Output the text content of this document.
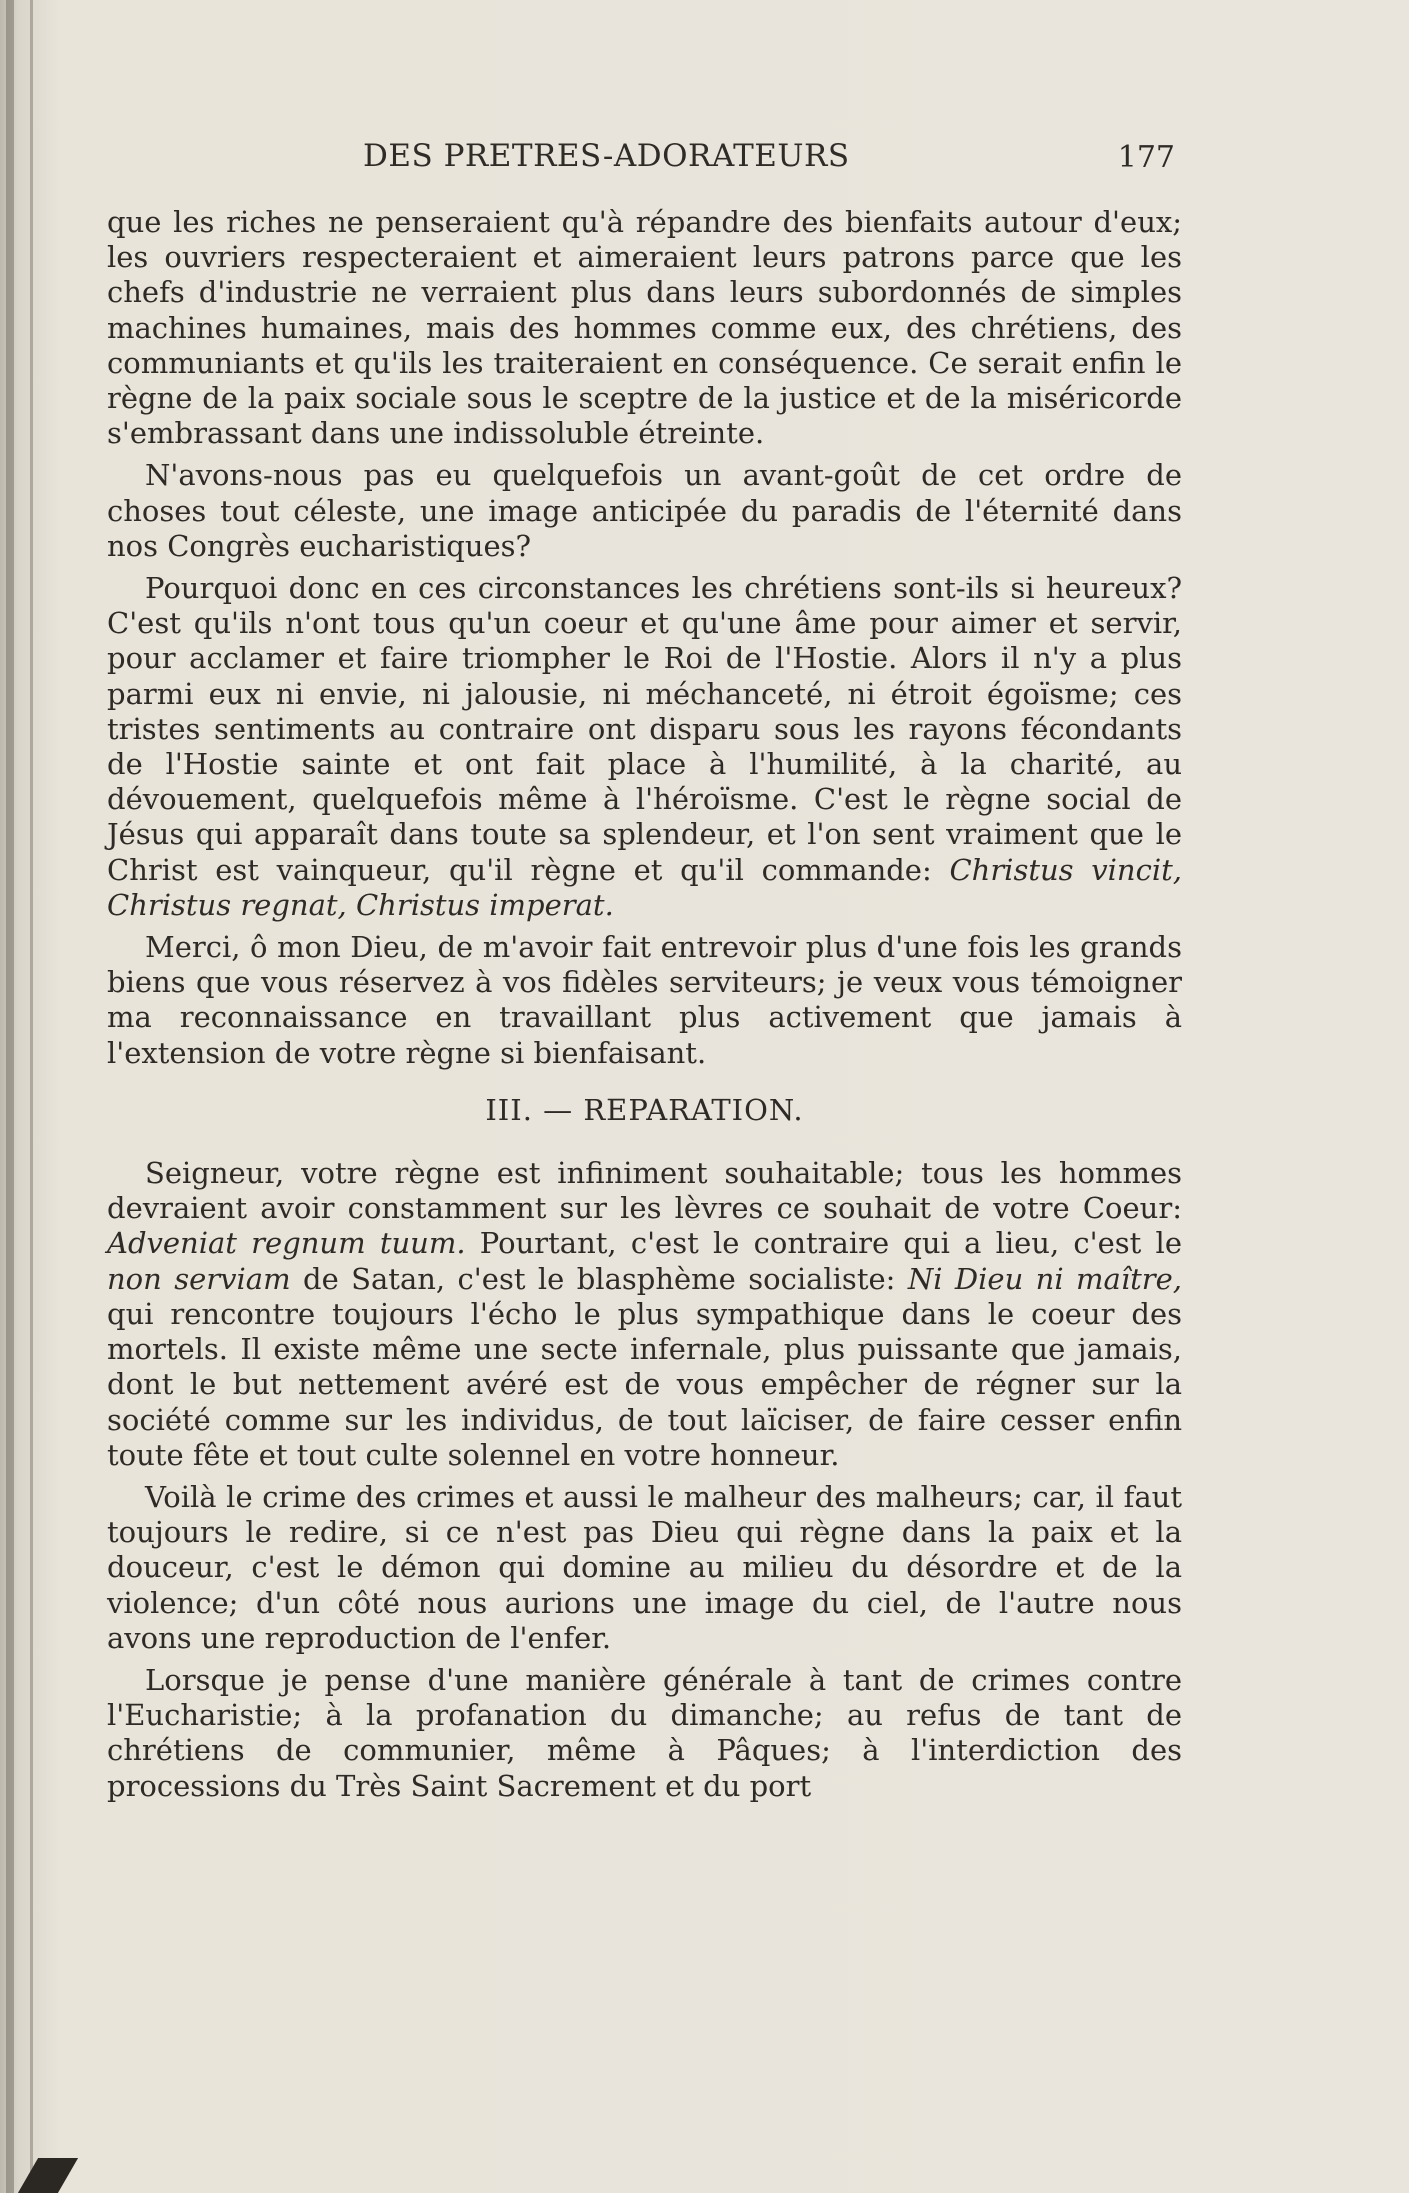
DES PRETRES-ADORATEURS	177

que les riches ne penseraient qu'à répandre des bienfaits autour d'eux; les ouvriers respecteraient et aimeraient leurs patrons parce que les chefs d'industrie ne verraient plus dans leurs subordonnés de simples machines humaines, mais des hommes comme eux, des chrétiens, des communiants et qu'ils les traiteraient en conséquence. Ce serait enfin le règne de la paix sociale sous le sceptre de la justice et de la miséricorde s'embrassant dans une indissoluble étreinte.

N'avons-nous pas eu quelquefois un avant-goût de cet ordre de choses tout céleste, une image anticipée du paradis de l'éternité dans nos Congrès eucharistiques?

Pourquoi donc en ces circonstances les chrétiens sont-ils si heureux? C'est qu'ils n'ont tous qu'un coeur et qu'une âme pour aimer et servir, pour acclamer et faire triompher le Roi de l'Hostie. Alors il n'y a plus parmi eux ni envie, ni jalousie, ni méchanceté, ni étroit égoïsme; ces tristes sentiments au contraire ont disparu sous les rayons fécondants de l'Hostie sainte et ont fait place à l'humilité, à la charité, au dévouement, quelquefois même à l'héroïsme. C'est le règne social de Jésus qui apparaît dans toute sa splendeur, et l'on sent vraiment que le Christ est vainqueur, qu'il règne et qu'il commande: Christus vincit, Christus regnat, Christus imperat.

Merci, ô mon Dieu, de m'avoir fait entrevoir plus d'une fois les grands biens que vous réservez à vos fidèles serviteurs; je veux vous témoigner ma reconnaissance en travaillant plus activement que jamais à l'extension de votre règne si bienfaisant.

III. — REPARATION.

Seigneur, votre règne est infiniment souhaitable; tous les hommes devraient avoir constamment sur les lèvres ce souhait de votre Coeur: Adveniat regnum tuum. Pourtant, c'est le contraire qui a lieu, c'est le non serviam de Satan, c'est le blasphème socialiste: Ni Dieu ni maître, qui rencontre toujours l'écho le plus sympathique dans le coeur des mortels. Il existe même une secte infernale, plus puissante que jamais, dont le but nettement avéré est de vous empêcher de régner sur la société comme sur les individus, de tout laïciser, de faire cesser enfin toute fête et tout culte solennel en votre honneur.

Voilà le crime des crimes et aussi le malheur des malheurs; car, il faut toujours le redire, si ce n'est pas Dieu qui règne dans la paix et la douceur, c'est le démon qui domine au milieu du désordre et de la violence; d'un côté nous aurions une image du ciel, de l'autre nous avons une reproduction de l'enfer.

Lorsque je pense d'une manière générale à tant de crimes contre l'Eucharistie; à la profanation du dimanche; au refus de tant de chrétiens de communier, même à Pâques; à l'interdiction des processions du Très Saint Sacrement et du port
